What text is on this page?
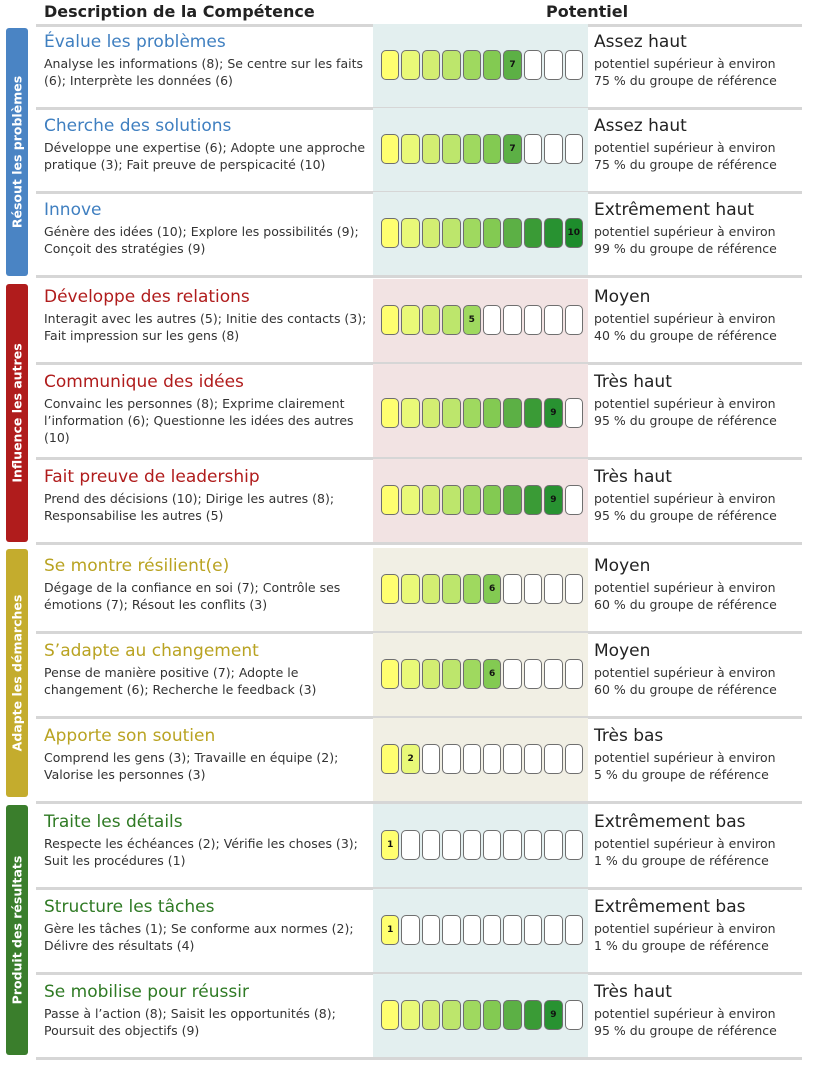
Description de la Compétence	Potentiel
Résout les problèmes
Influence les autres
Adapte les démarches
Produit des résultats
Évalue les problèmes
Analyse les informations (8); Se centre sur les faits (6); Interprète les données (6)
7
Assez haut
potentiel supérieur à environ
75 % du groupe de référence
Cherche des solutions
Développe une expertise (6); Adopte une approche pratique (3); Fait preuve de perspicacité (10)
7
Assez haut
potentiel supérieur à environ
75 % du groupe de référence
Innove
Génère des idées (10); Explore les possibilités (9); Conçoit des stratégies (9)
10
Extrêmement haut
potentiel supérieur à environ
99 % du groupe de référence
Développe des relations
Interagit avec les autres (5); Initie des contacts (3); Fait impression sur les gens (8)
5
Moyen
potentiel supérieur à environ
40 % du groupe de référence
Communique des idées
Convainc les personnes (8); Exprime clairement l’information (6); Questionne les idées des autres (10)
9
Très haut
potentiel supérieur à environ
95 % du groupe de référence
Fait preuve de leadership
Prend des décisions (10); Dirige les autres (8); Responsabilise les autres (5)
9
Très haut
potentiel supérieur à environ
95 % du groupe de référence
Se montre résilient(e)
Dégage de la confiance en soi (7); Contrôle ses émotions (7); Résout les conflits (3)
6
Moyen
potentiel supérieur à environ
60 % du groupe de référence
S’adapte au changement
Pense de manière positive (7); Adopte le changement (6); Recherche le feedback (3)
6
Moyen
potentiel supérieur à environ
60 % du groupe de référence
Apporte son soutien
Comprend les gens (3); Travaille en équipe (2); Valorise les personnes (3)
2
Très bas
potentiel supérieur à environ
5 % du groupe de référence
Traite les détails
Respecte les échéances (2); Vérifie les choses (3); Suit les procédures (1)
1
Extrêmement bas
potentiel supérieur à environ
1 % du groupe de référence
Structure les tâches
Gère les tâches (1); Se conforme aux normes (2); Délivre des résultats (4)
1
Extrêmement bas
potentiel supérieur à environ
1 % du groupe de référence
Se mobilise pour réussir
Passe à l’action (8); Saisit les opportunités (8); Poursuit des objectifs (9)
9
Très haut
potentiel supérieur à environ
95 % du groupe de référence
